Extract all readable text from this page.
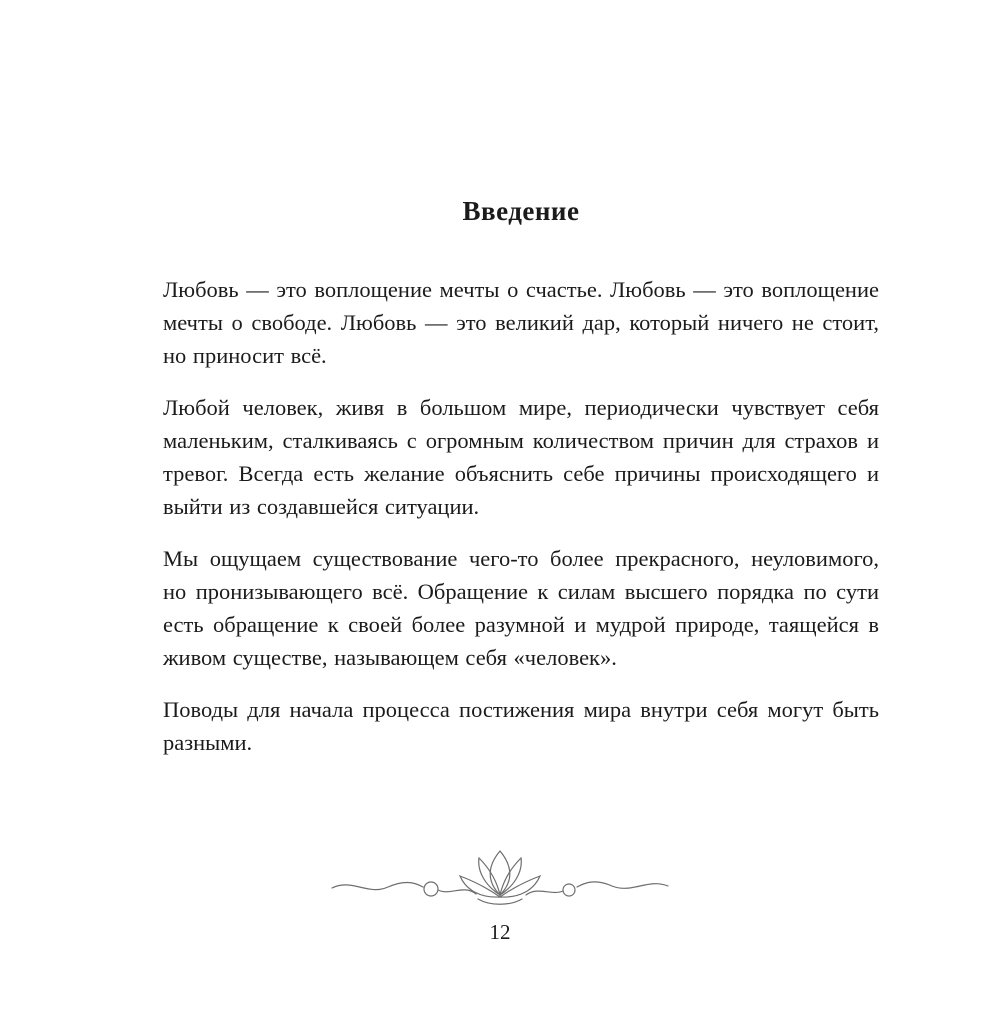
Введение

Любовь — это воплощение мечты о счастье. Любовь — это воплощение мечты о свободе. Любовь — это великий дар, который ничего не стоит, но приносит всё.

Любой человек, живя в большом мире, периодически чувствует себя маленьким, сталкиваясь с огромным количеством причин для страхов и тревог. Всегда есть желание объяснить себе причины происходящего и выйти из создавшейся ситуации.

Мы ощущаем существование чего-то более прекрасного, неуловимого, но пронизывающего всё. Обращение к силам высшего порядка по сути есть обращение к своей более разумной и мудрой природе, таящейся в живом существе, называющем себя «человек».

Поводы для начала процесса постижения мира внутри себя могут быть разными.

12
